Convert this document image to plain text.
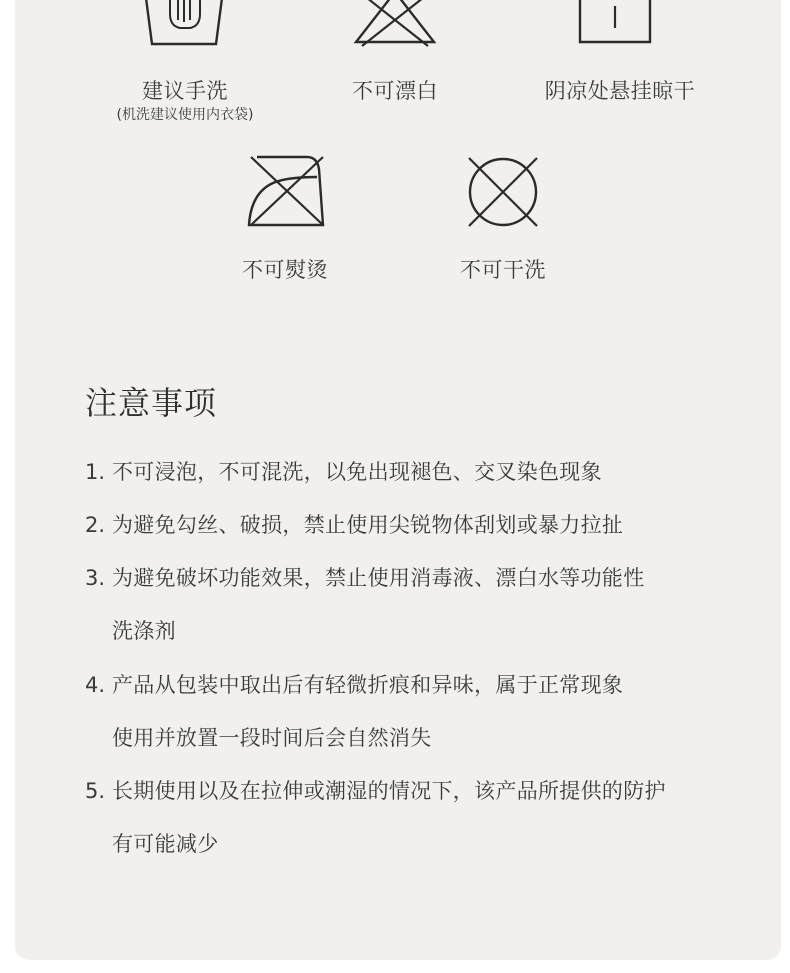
建议手洗
(机洗建议使用内衣袋)
不可漂白	阴凉处悬挂晾干
不可熨烫	不可干洗
注意事项
1. 不可浸泡，不可混洗，以免出现褪色、交叉染色现象
2. 为避免勾丝、破损，禁止使用尖锐物体刮划或暴力拉扯
3. 为避免破坏功能效果，禁止使用消毒液、漂白水等功能性
洗涤剂
4. 产品从包装中取出后有轻微折痕和异味，属于正常现象
使用并放置一段时间后会自然消失
5. 长期使用以及在拉伸或潮湿的情况下，该产品所提供的防护
有可能减少
